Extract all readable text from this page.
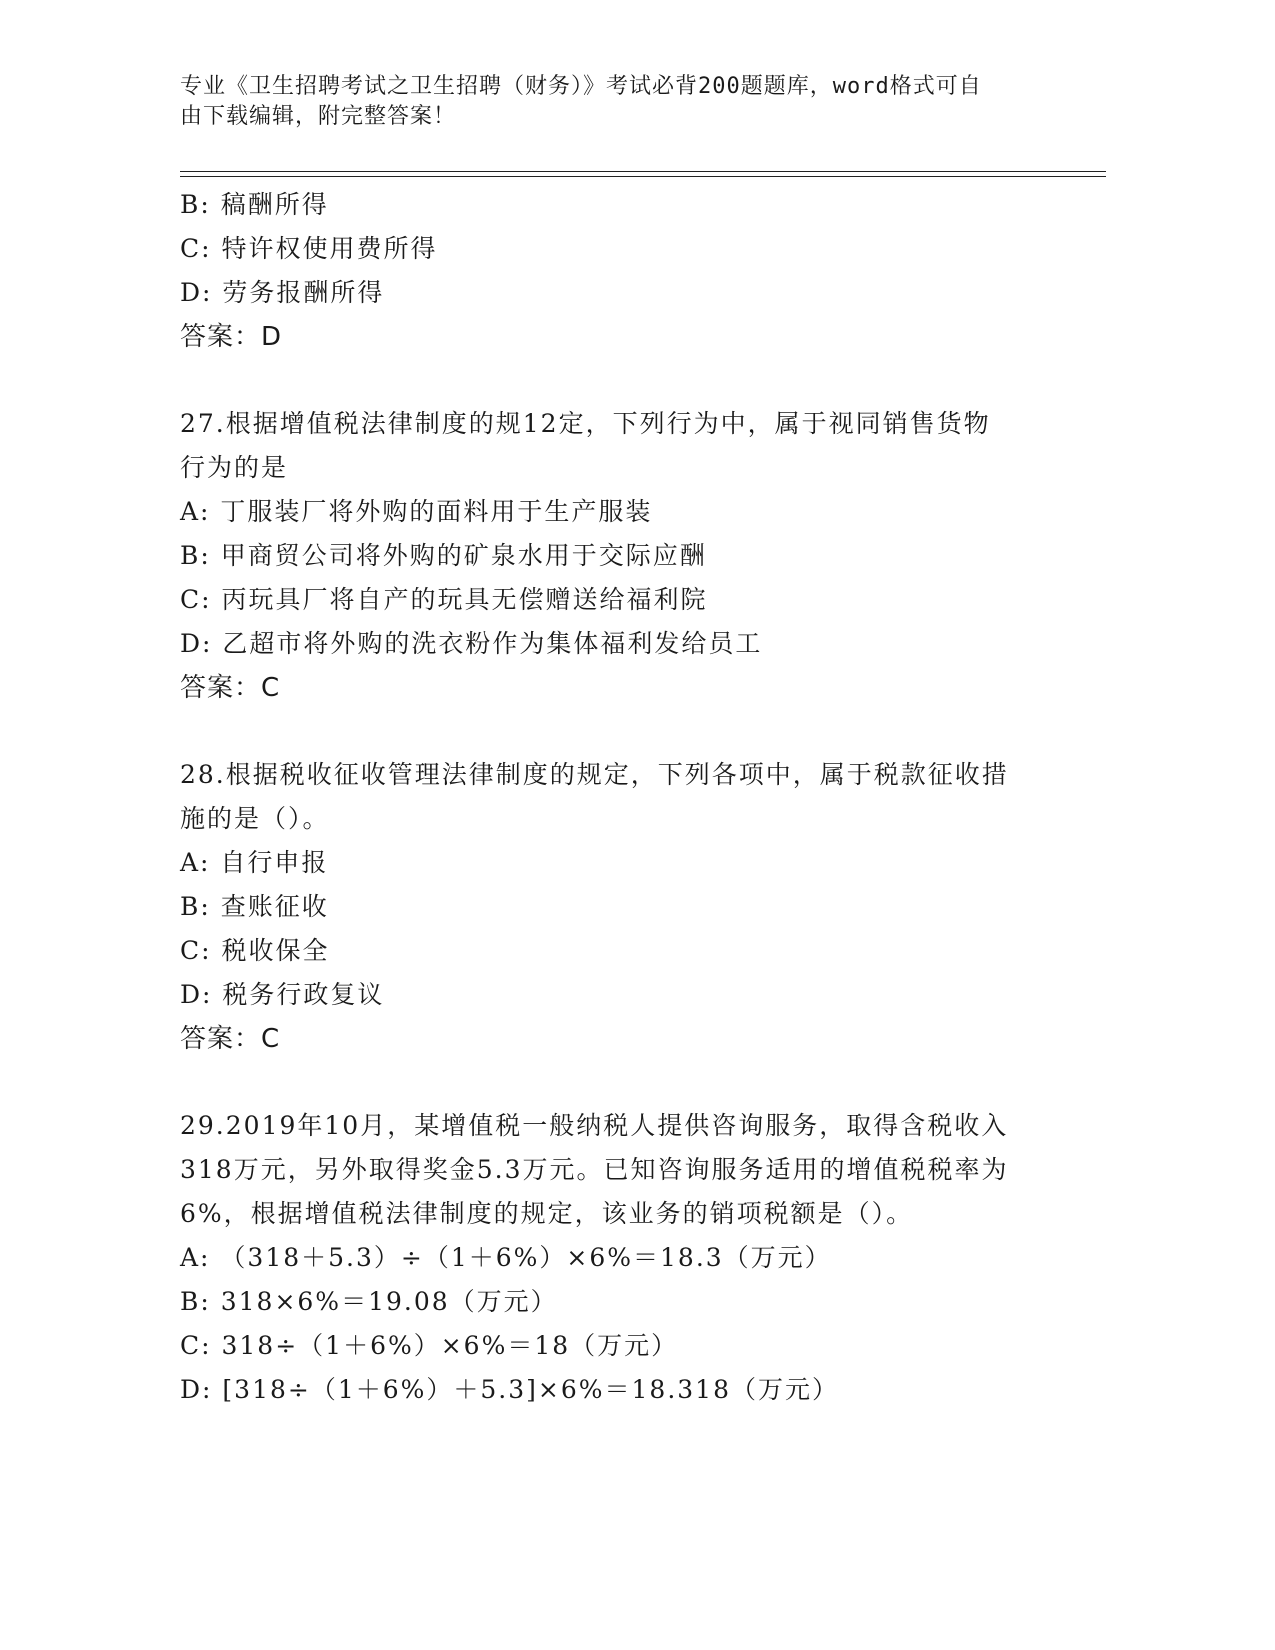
专业《卫生招聘考试之卫生招聘（财务）》考试必背200题题库，word格式可自
由下载编辑，附完整答案！
B: 稿酬所得
C: 特许权使用费所得
D: 劳务报酬所得
答案：D
27.根据增值税法律制度的规12定，下列行为中，属于视同销售货物
行为的是
A: 丁服装厂将外购的面料用于生产服装
B: 甲商贸公司将外购的矿泉水用于交际应酬
C: 丙玩具厂将自产的玩具无偿赠送给福利院
D: 乙超市将外购的洗衣粉作为集体福利发给员工
答案：C
28.根据税收征收管理法律制度的规定，下列各项中，属于税款征收措
施的是（）。
A: 自行申报
B: 查账征收
C: 税收保全
D: 税务行政复议
答案：C
29.2019年10月，某增值税一般纳税人提供咨询服务，取得含税收入
318万元，另外取得奖金5.3万元。已知咨询服务适用的增值税税率为
6%，根据增值税法律制度的规定，该业务的销项税额是（）。
A: （318＋5.3）÷（1＋6%）×6%＝18.3（万元）
B: 318×6%＝19.08（万元）
C: 318÷（1＋6%）×6%＝18（万元）
D: [318÷（1＋6%）＋5.3]×6%＝18.318（万元）
